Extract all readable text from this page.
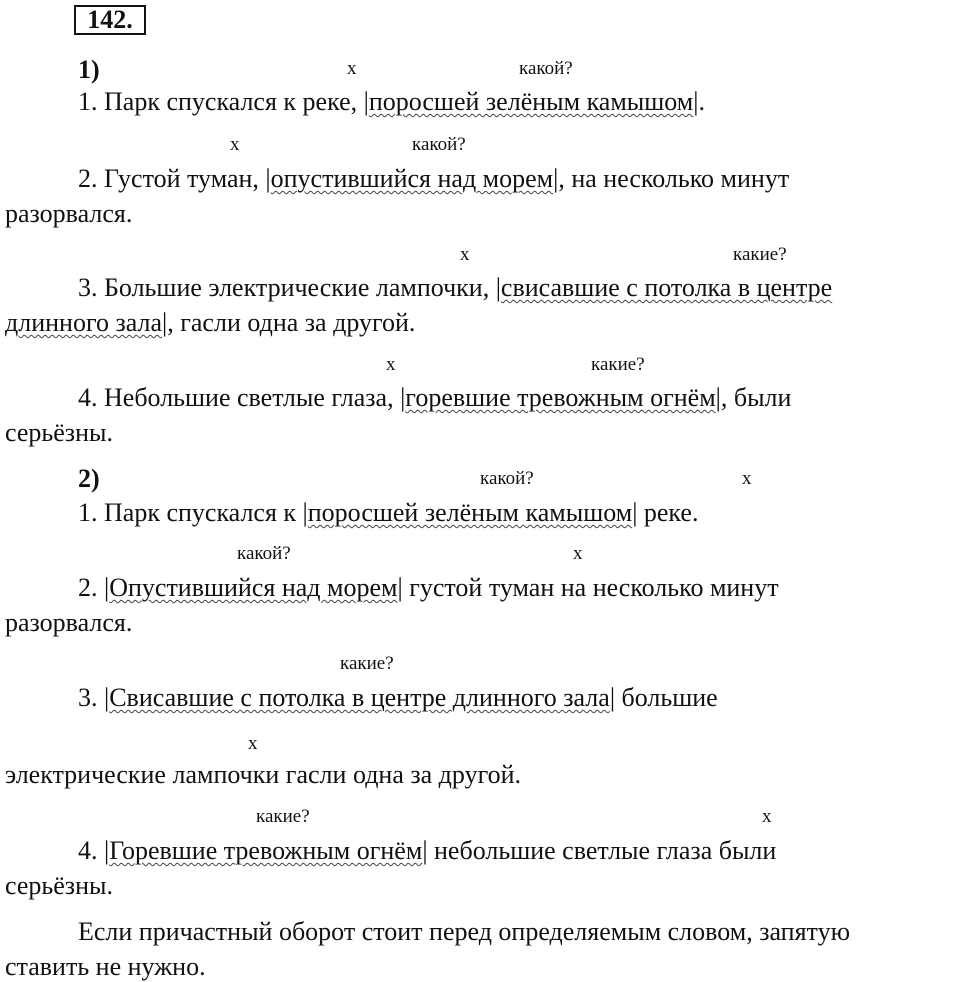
142.
1)	х	какой?
1. Парк спускался к реке, |поросшей зелёным камышом|.
х	какой?
2. Густой туман, |опустившийся над морем|, на несколько минут
разорвался.
х	какие?
3. Большие электрические лампочки, |свисавшие с потолка в центре
длинного зала|, гасли одна за другой.
х	какие?
4. Небольшие светлые глаза, |горевшие тревожным огнём|, были
серьёзны.
2)	какой?	х
1. Парк спускался к |поросшей зелёным камышом| реке.
какой?	х
2. |Опустившийся над морем| густой туман на несколько минут
разорвался.
какие?
3. |Свисавшие с потолка в центре длинного зала| большие
х
электрические лампочки гасли одна за другой.
какие?	х
4. |Горевшие тревожным огнём| небольшие светлые глаза были
серьёзны.
Если причастный оборот стоит перед определяемым словом, запятую
ставить не нужно.
